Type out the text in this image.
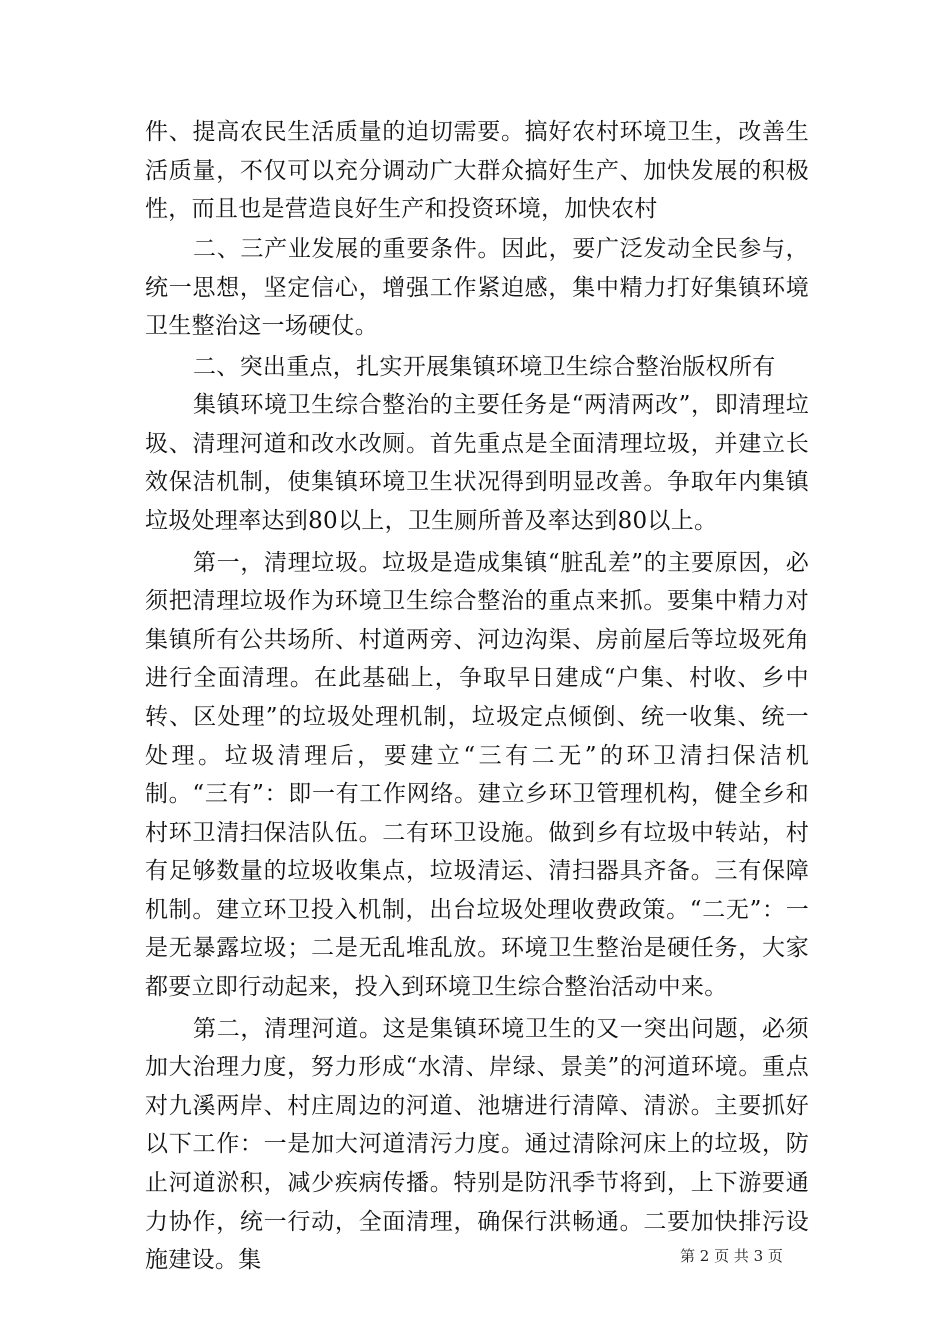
件、提高农民生活质量的迫切需要。搞好农村环境卫生，改善生活质量，不仅可以充分调动广大群众搞好生产、加快发展的积极性，而且也是营造良好生产和投资环境，加快农村

二、三产业发展的重要条件。因此，要广泛发动全民参与，统一思想，坚定信心，增强工作紧迫感，集中精力打好集镇环境卫生整治这一场硬仗。

二、突出重点，扎实开展集镇环境卫生综合整治版权所有

集镇环境卫生综合整治的主要任务是“两清两改”，即清理垃圾、清理河道和改水改厕。首先重点是全面清理垃圾，并建立长效保洁机制，使集镇环境卫生状况得到明显改善。争取年内集镇垃圾处理率达到80以上，卫生厕所普及率达到80以上。

第一，清理垃圾。垃圾是造成集镇“脏乱差”的主要原因，必须把清理垃圾作为环境卫生综合整治的重点来抓。要集中精力对集镇所有公共场所、村道两旁、河边沟渠、房前屋后等垃圾死角进行全面清理。在此基础上，争取早日建成“户集、村收、乡中转、区处理”的垃圾处理机制，垃圾定点倾倒、统一收集、统一处理。垃圾清理后，要建立“三有二无”的环卫清扫保洁机制。“三有”：即一有工作网络。建立乡环卫管理机构，健全乡和村环卫清扫保洁队伍。二有环卫设施。做到乡有垃圾中转站，村有足够数量的垃圾收集点，垃圾清运、清扫器具齐备。三有保障机制。建立环卫投入机制，出台垃圾处理收费政策。“二无”：一是无暴露垃圾；二是无乱堆乱放。环境卫生整治是硬任务，大家都要立即行动起来，投入到环境卫生综合整治活动中来。

第二，清理河道。这是集镇环境卫生的又一突出问题，必须加大治理力度，努力形成“水清、岸绿、景美”的河道环境。重点对九溪两岸、村庄周边的河道、池塘进行清障、清淤。主要抓好以下工作：一是加大河道清污力度。通过清除河床上的垃圾，防止河道淤积，减少疾病传播。特别是防汛季节将到，上下游要通力协作，统一行动，全面清理，确保行洪畅通。二要加快排污设施建设。集	第 2 页 共 3 页
